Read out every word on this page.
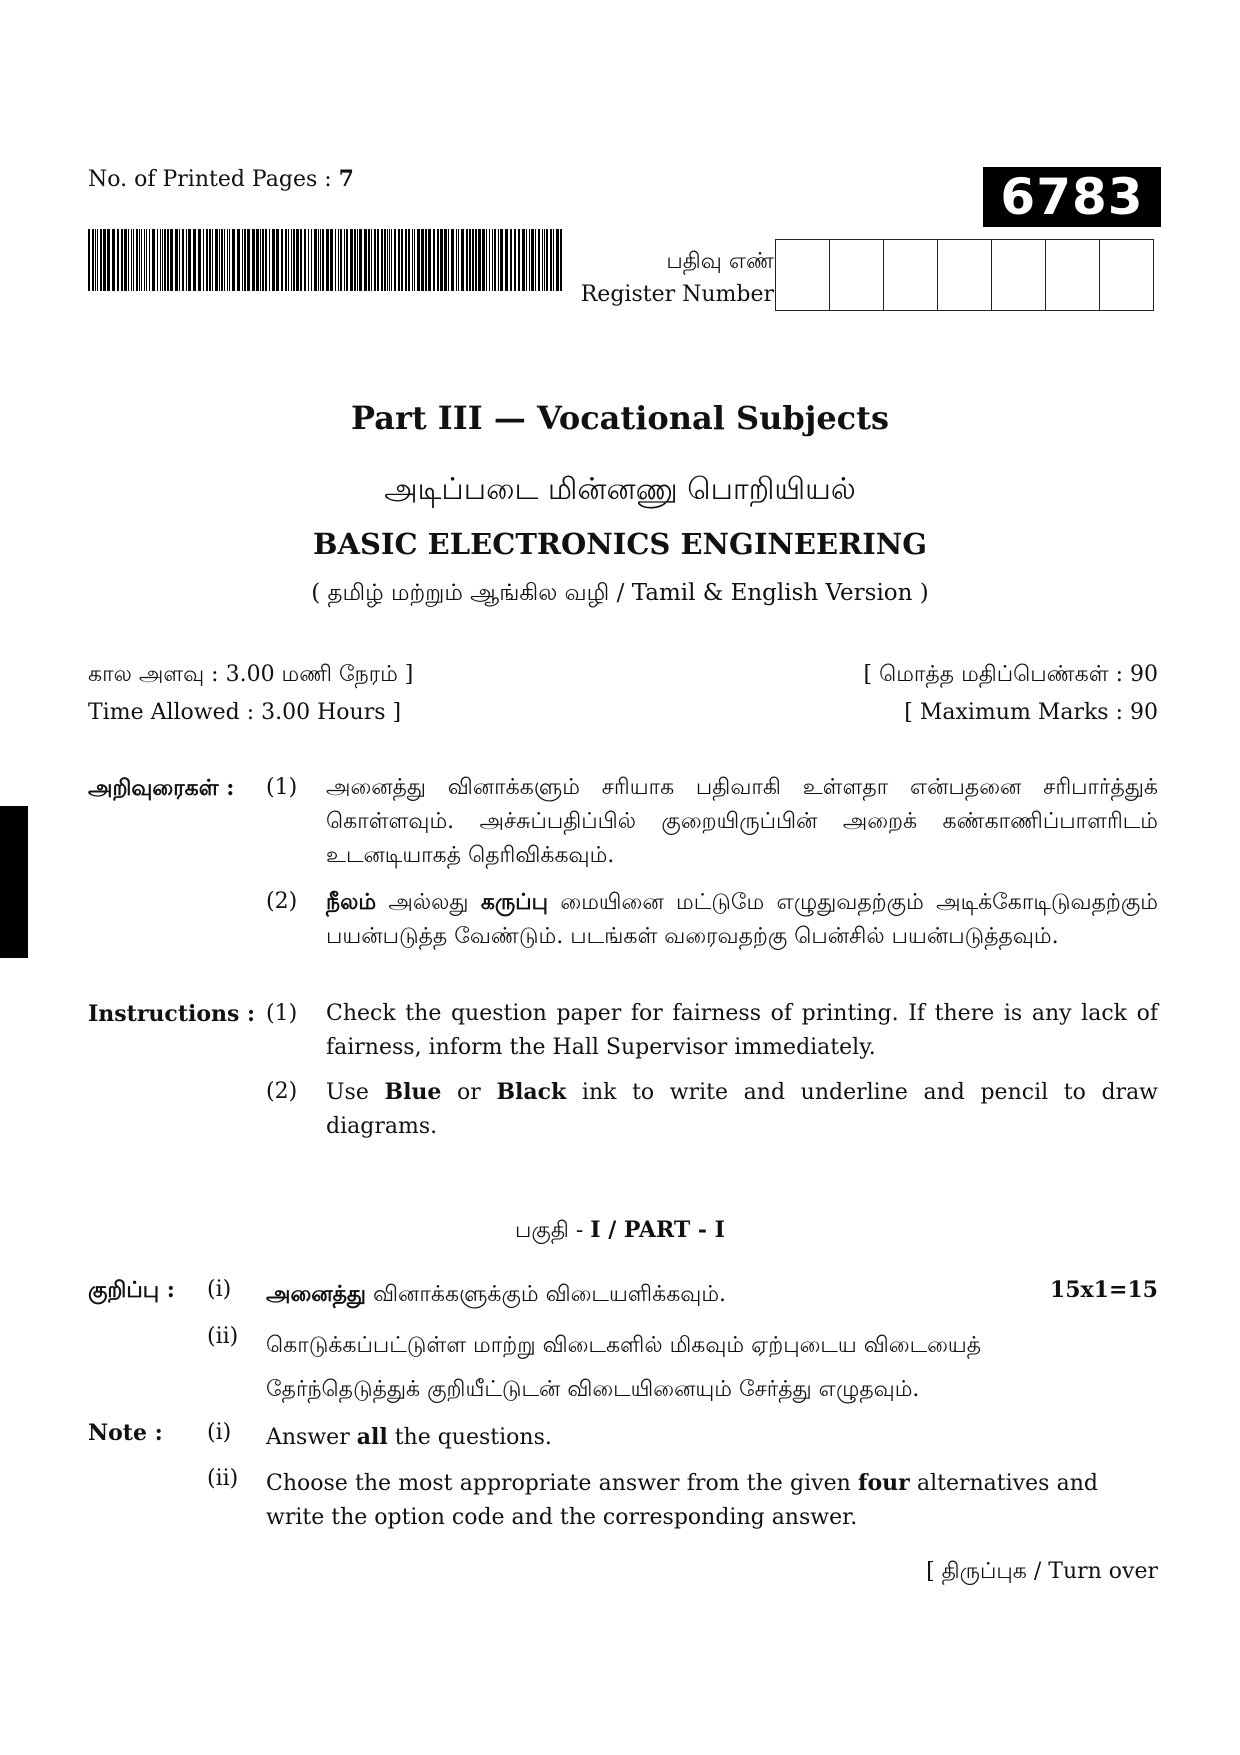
No. of Printed Pages : 7	6783
பதிவு எண்
Register Number
Part III — Vocational Subjects
அடிப்படை மின்னணு பொறியியல்
BASIC ELECTRONICS ENGINEERING
( தமிழ் மற்றும் ஆங்கில வழி / Tamil & English Version )
கால அளவு : 3.00 மணி நேரம் ]
Time Allowed : 3.00 Hours ]
[ மொத்த மதிப்பெண்கள் : 90
[ Maximum Marks : 90
அறிவுரைகள் : (1) அனைத்து வினாக்களும் சரியாக பதிவாகி உள்ளதா என்பதனை சரிபார்த்துக் கொள்ளவும். அச்சுப்பதிப்பில் குறையிருப்பின் அறைக் கண்காணிப்பாளரிடம் உடனடியாகத் தெரிவிக்கவும்.
(2) நீலம் அல்லது கருப்பு மையினை மட்டுமே எழுதுவதற்கும் அடிக்கோடிடுவதற்கும் பயன்படுத்த வேண்டும். படங்கள் வரைவதற்கு பென்சில் பயன்படுத்தவும்.
Instructions : (1) Check the question paper for fairness of printing. If there is any lack of fairness, inform the Hall Supervisor immediately.
(2) Use Blue or Black ink to write and underline and pencil to draw diagrams.
பகுதி - I / PART - I
குறிப்பு : (i) அனைத்து வினாக்களுக்கும் விடையளிக்கவும்.	15x1=15
(ii) கொடுக்கப்பட்டுள்ள மாற்று விடைகளில் மிகவும் ஏற்புடைய விடையைத் தேர்ந்தெடுத்துக் குறியீட்டுடன் விடையினையும் சேர்த்து எழுதவும்.
Note : (i) Answer all the questions.
(ii) Choose the most appropriate answer from the given four alternatives and write the option code and the corresponding answer.
[ திருப்புக / Turn over
